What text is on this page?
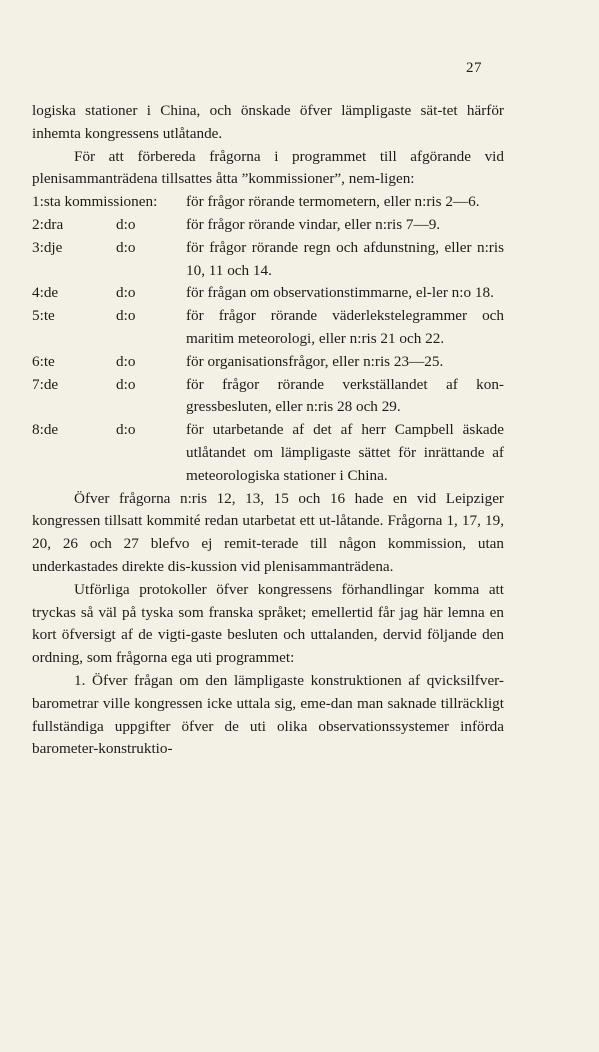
27

logiska stationer i China, och önskade öfver lämpligaste sät-tet härför inhemta kongressens utlåtande.

För att förbereda frågorna i programmet till afgörande vid plenisammanträdena tillsattes åtta ”kommissioner”, nem-ligen:

1:sta kommissionen:	för frågor rörande termometern, eller n:ris 2—6.
2:dra	d:o	för frågor rörande vindar, eller n:ris 7—9.
3:dje	d:o	för frågor rörande regn och afdunstning, eller n:ris 10, 11 och 14.
4:de	d:o	för frågan om observationstimmarne, el-ler n:o 18.
5:te	d:o	för frågor rörande väderlekstelegrammer och maritim meteorologi, eller n:ris 21 och 22.
6:te	d:o	för organisationsfrågor, eller n:ris 23—25.
7:de	d:o	för frågor rörande verkställandet af kon-gressbesluten, eller n:ris 28 och 29.
8:de	d:o	för utarbetande af det af herr Campbell äskade utlåtandet om lämpligaste sättet för inrättande af meteorologiska stationer i China.

Öfver frågorna n:ris 12, 13, 15 och 16 hade en vid Leipziger kongressen tillsatt kommité redan utarbetat ett ut-låtande. Frågorna 1, 17, 19, 20, 26 och 27 blefvo ej remit-terade till någon kommission, utan underkastades direkte dis-kussion vid plenisammanträdena.

Utförliga protokoller öfver kongressens förhandlingar komma att tryckas så väl på tyska som franska språket; emellertid får jag här lemna en kort öfversigt af de vigti-gaste besluten och uttalanden, dervid följande den ordning, som frågorna ega uti programmet:

1. Öfver frågan om den lämpligaste konstruktionen af qvicksilfver-barometrar ville kongressen icke uttala sig, eme-dan man saknade tillräckligt fullständiga uppgifter öfver de uti olika observationssystemer införda barometer-konstruktio-
